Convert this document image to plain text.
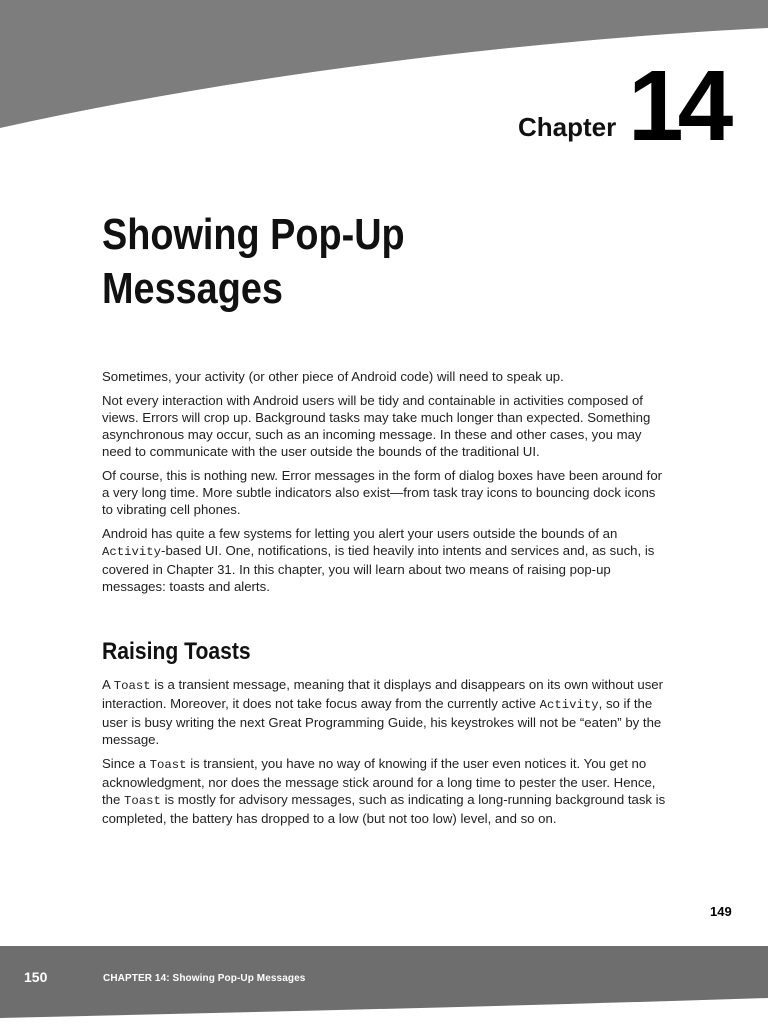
Chapter 14
Showing Pop-Up
Messages

Sometimes, your activity (or other piece of Android code) will need to speak up.

Not every interaction with Android users will be tidy and containable in activities composed of views. Errors will crop up. Background tasks may take much longer than expected. Something asynchronous may occur, such as an incoming message. In these and other cases, you may need to communicate with the user outside the bounds of the traditional UI.

Of course, this is nothing new. Error messages in the form of dialog boxes have been around for a very long time. More subtle indicators also exist—from task tray icons to bouncing dock icons to vibrating cell phones.

Android has quite a few systems for letting you alert your users outside the bounds of an Activity-based UI. One, notifications, is tied heavily into intents and services and, as such, is covered in Chapter 31. In this chapter, you will learn about two means of raising pop-up messages: toasts and alerts.

Raising Toasts

A Toast is a transient message, meaning that it displays and disappears on its own without user interaction. Moreover, it does not take focus away from the currently active Activity, so if the user is busy writing the next Great Programming Guide, his keystrokes will not be “eaten” by the message.

Since a Toast is transient, you have no way of knowing if the user even notices it. You get no acknowledgment, nor does the message stick around for a long time to pester the user. Hence, the Toast is mostly for advisory messages, such as indicating a long-running background task is completed, the battery has dropped to a low (but not too low) level, and so on.

149
150	CHAPTER 14: Showing Pop-Up Messages
